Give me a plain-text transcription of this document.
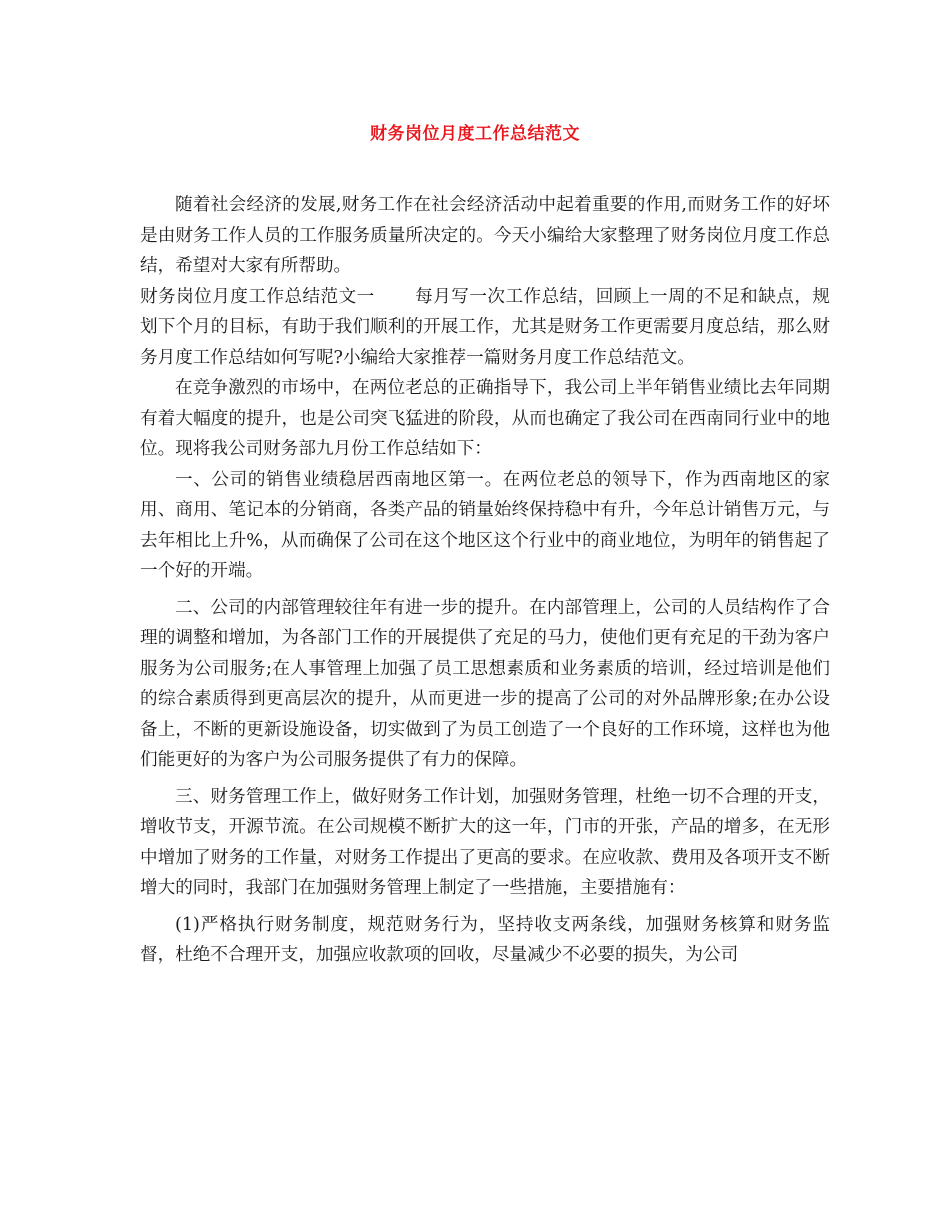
财务岗位月度工作总结范文

随着社会经济的发展,财务工作在社会经济活动中起着重要的作用,而财务工作的好坏是由财务工作人员的工作服务质量所决定的。今天小编给大家整理了财务岗位月度工作总结，希望对大家有所帮助。

财务岗位月度工作总结范文一 每月写一次工作总结，回顾上一周的不足和缺点，规划下个月的目标，有助于我们顺利的开展工作，尤其是财务工作更需要月度总结，那么财务月度工作总结如何写呢?小编给大家推荐一篇财务月度工作总结范文。

在竞争激烈的市场中，在两位老总的正确指导下，我公司上半年销售业绩比去年同期有着大幅度的提升，也是公司突飞猛进的阶段，从而也确定了我公司在西南同行业中的地位。现将我公司财务部九月份工作总结如下：

一、公司的销售业绩稳居西南地区第一。在两位老总的领导下，作为西南地区的家用、商用、笔记本的分销商，各类产品的销量始终保持稳中有升，今年总计销售万元，与去年相比上升%，从而确保了公司在这个地区这个行业中的商业地位，为明年的销售起了一个好的开端。

二、公司的内部管理较往年有进一步的提升。在内部管理上，公司的人员结构作了合理的调整和增加，为各部门工作的开展提供了充足的马力，使他们更有充足的干劲为客户服务为公司服务;在人事管理上加强了员工思想素质和业务素质的培训，经过培训是他们的综合素质得到更高层次的提升，从而更进一步的提高了公司的对外品牌形象;在办公设备上，不断的更新设施设备，切实做到了为员工创造了一个良好的工作环境，这样也为他们能更好的为客户为公司服务提供了有力的保障。

三、财务管理工作上，做好财务工作计划，加强财务管理，杜绝一切不合理的开支，增收节支，开源节流。在公司规模不断扩大的这一年，门市的开张，产品的增多，在无形中增加了财务的工作量，对财务工作提出了更高的要求。在应收款、费用及各项开支不断增大的同时，我部门在加强财务管理上制定了一些措施，主要措施有：

(1)严格执行财务制度，规范财务行为，坚持收支两条线，加强财务核算和财务监督，杜绝不合理开支，加强应收款项的回收，尽量减少不必要的损失，为公司
